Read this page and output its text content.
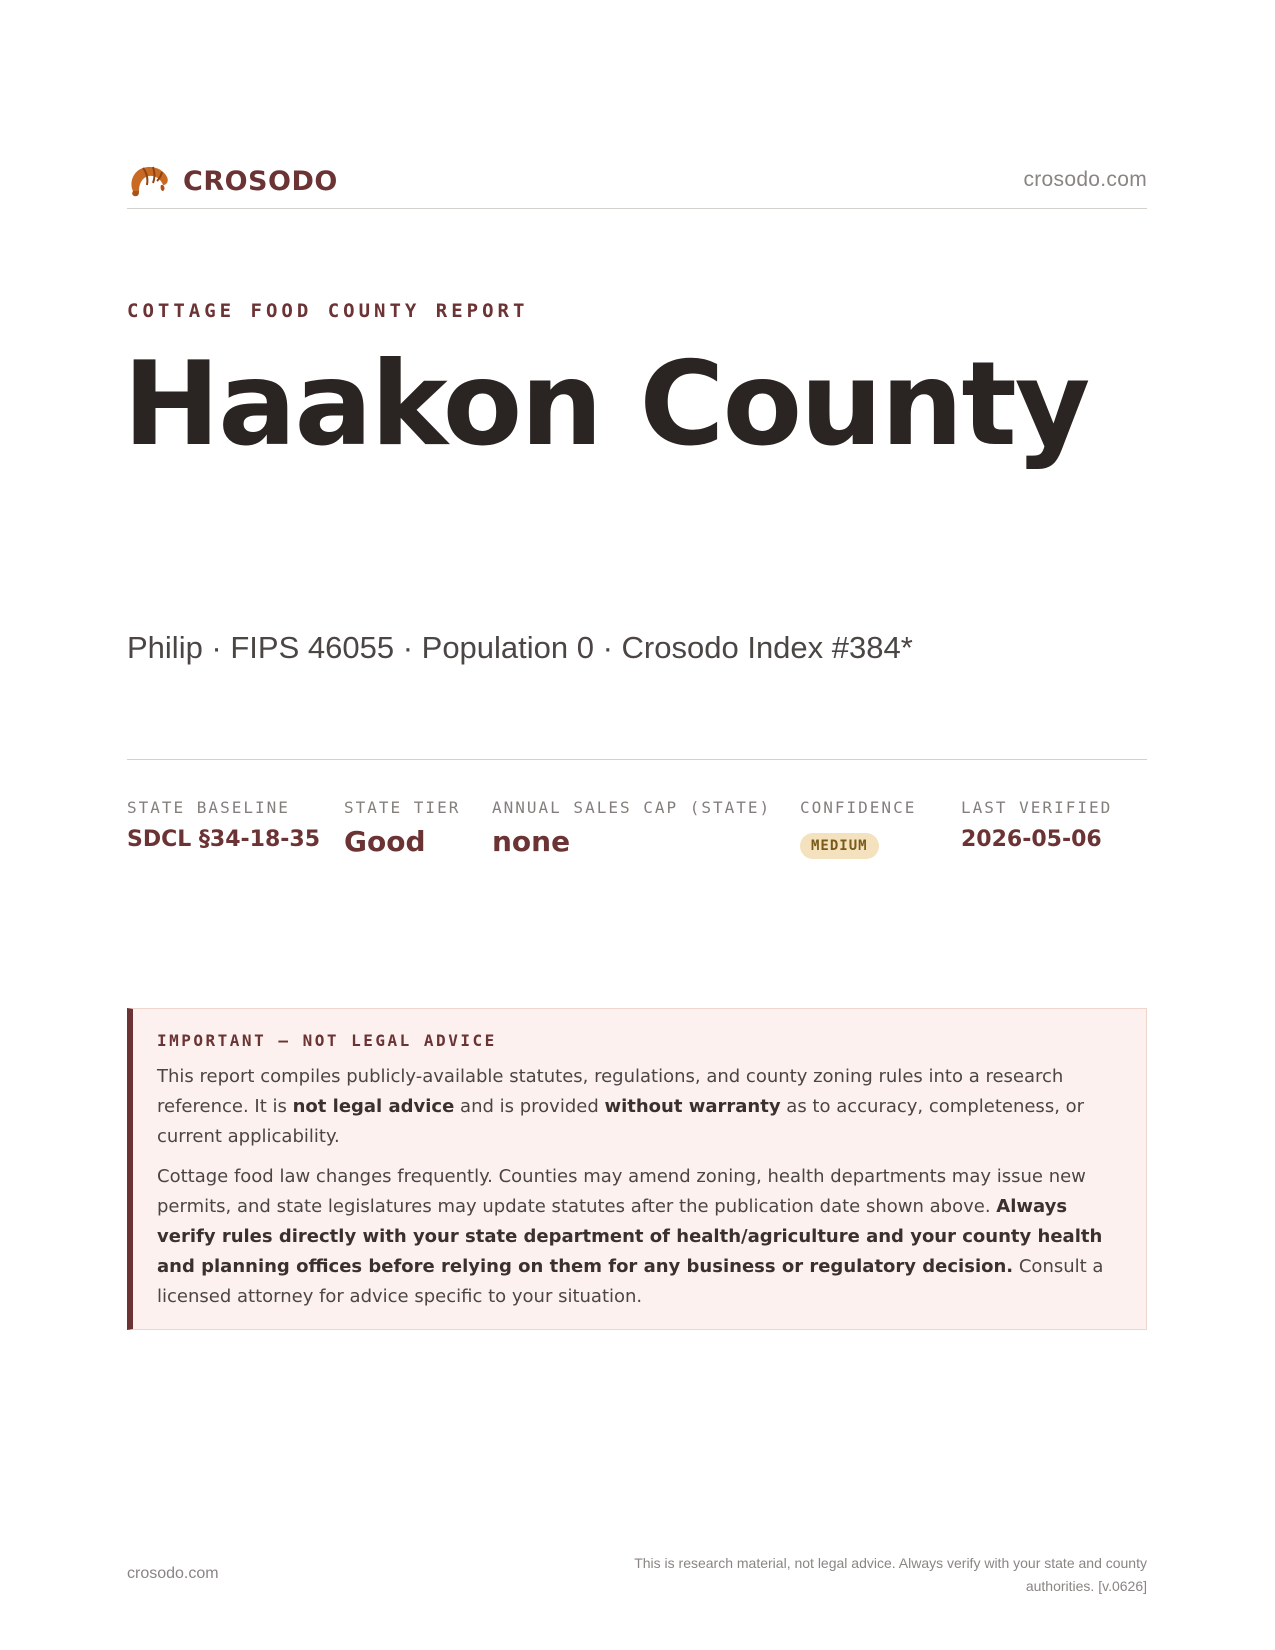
CROSODO	crosodo.com
COTTAGE FOOD COUNTY REPORT
Haakon County
Philip · FIPS 46055 · Population 0 · Crosodo Index #384*
STATE BASELINE
SDCL §34-18-35
STATE TIER
Good
ANNUAL SALES CAP (STATE)
none
CONFIDENCE
MEDIUM
LAST VERIFIED
2026-05-06
IMPORTANT — NOT LEGAL ADVICE

This report compiles publicly-available statutes, regulations, and county zoning rules into a research reference. It is not legal advice and is provided without warranty as to accuracy, completeness, or current applicability.

Cottage food law changes frequently. Counties may amend zoning, health departments may issue new permits, and state legislatures may update statutes after the publication date shown above. Always verify rules directly with your state department of health/agriculture and your county health and planning offices before relying on them for any business or regulatory decision. Consult a licensed attorney for advice specific to your situation.

crosodo.com
This is research material, not legal advice. Always verify with your state and county authorities. [v.0626]
